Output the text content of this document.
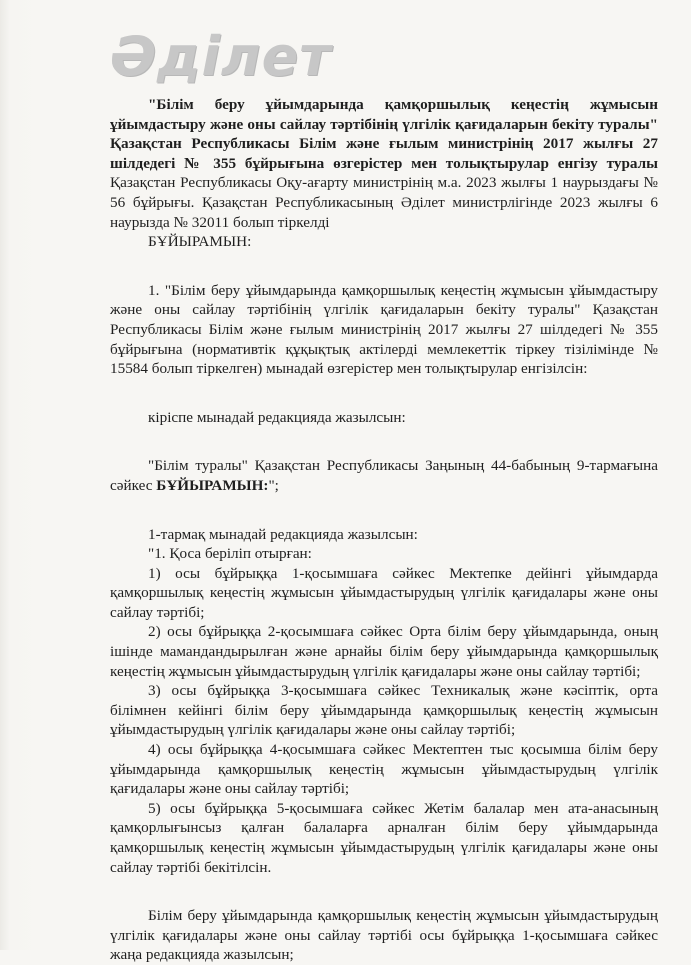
Әділет

"Білім беру ұйымдарында қамқоршылық кеңестің жұмысын ұйымдастыру және оны сайлау тәртібінің үлгілік қағидаларын бекіту туралы" Қазақстан Республикасы Білім және ғылым министрінің 2017 жылғы 27 шілдедегі № 355 бұйрығына өзгерістер мен толықтырулар енгізу туралы Қазақстан Республикасы Оқу-ағарту министрінің м.а. 2023 жылғы 1 наурыздағы № 56 бұйрығы. Қазақстан Республикасының Әділет министрлігінде 2023 жылғы 6 наурызда № 32011 болып тіркелді

БҰЙЫРАМЫН:

1. "Білім беру ұйымдарында қамқоршылық кеңестің жұмысын ұйымдастыру және оны сайлау тәртібінің үлгілік қағидаларын бекіту туралы" Қазақстан Республикасы Білім және ғылым министрінің 2017 жылғы 27 шілдедегі № 355 бұйрығына (нормативтік құқықтық актілерді мемлекеттік тіркеу тізілімінде № 15584 болып тіркелген) мынадай өзгерістер мен толықтырулар енгізілсін:

кіріспе мынадай редакцияда жазылсын:

"Білім туралы" Қазақстан Республикасы Заңының 44-бабының 9-тармағына сәйкес БҰЙЫРАМЫН:";

1-тармақ мынадай редакцияда жазылсын:

"1. Қоса беріліп отырған:

1) осы бұйрыққа 1-қосымшаға сәйкес Мектепке дейінгі ұйымдарда қамқоршылық кеңестің жұмысын ұйымдастырудың үлгілік қағидалары және оны сайлау тәртібі;

2) осы бұйрыққа 2-қосымшаға сәйкес Орта білім беру ұйымдарында, оның ішінде мамандандырылған және арнайы білім беру ұйымдарында қамқоршылық кеңестің жұмысын ұйымдастырудың үлгілік қағидалары және оны сайлау тәртібі;

3) осы бұйрыққа 3-қосымшаға сәйкес Техникалық және кәсіптік, орта білімнен кейінгі білім беру ұйымдарында қамқоршылық кеңестің жұмысын ұйымдастырудың үлгілік қағидалары және оны сайлау тәртібі;

4) осы бұйрыққа 4-қосымшаға сәйкес Мектептен тыс қосымша білім беру ұйымдарында қамқоршылық кеңестің жұмысын ұйымдастырудың үлгілік қағидалары және оны сайлау тәртібі;

5) осы бұйрыққа 5-қосымшаға сәйкес Жетім балалар мен ата-анасының қамқорлығынсыз қалған балаларға арналған білім беру ұйымдарында қамқоршылық кеңестің жұмысын ұйымдастырудың үлгілік қағидалары және оны сайлау тәртібі бекітілсін.

Білім беру ұйымдарында қамқоршылық кеңестің жұмысын ұйымдастырудың үлгілік қағидалары және оны сайлау тәртібі осы бұйрыққа 1-қосымшаға сәйкес жаңа редакцияда жазылсын;
